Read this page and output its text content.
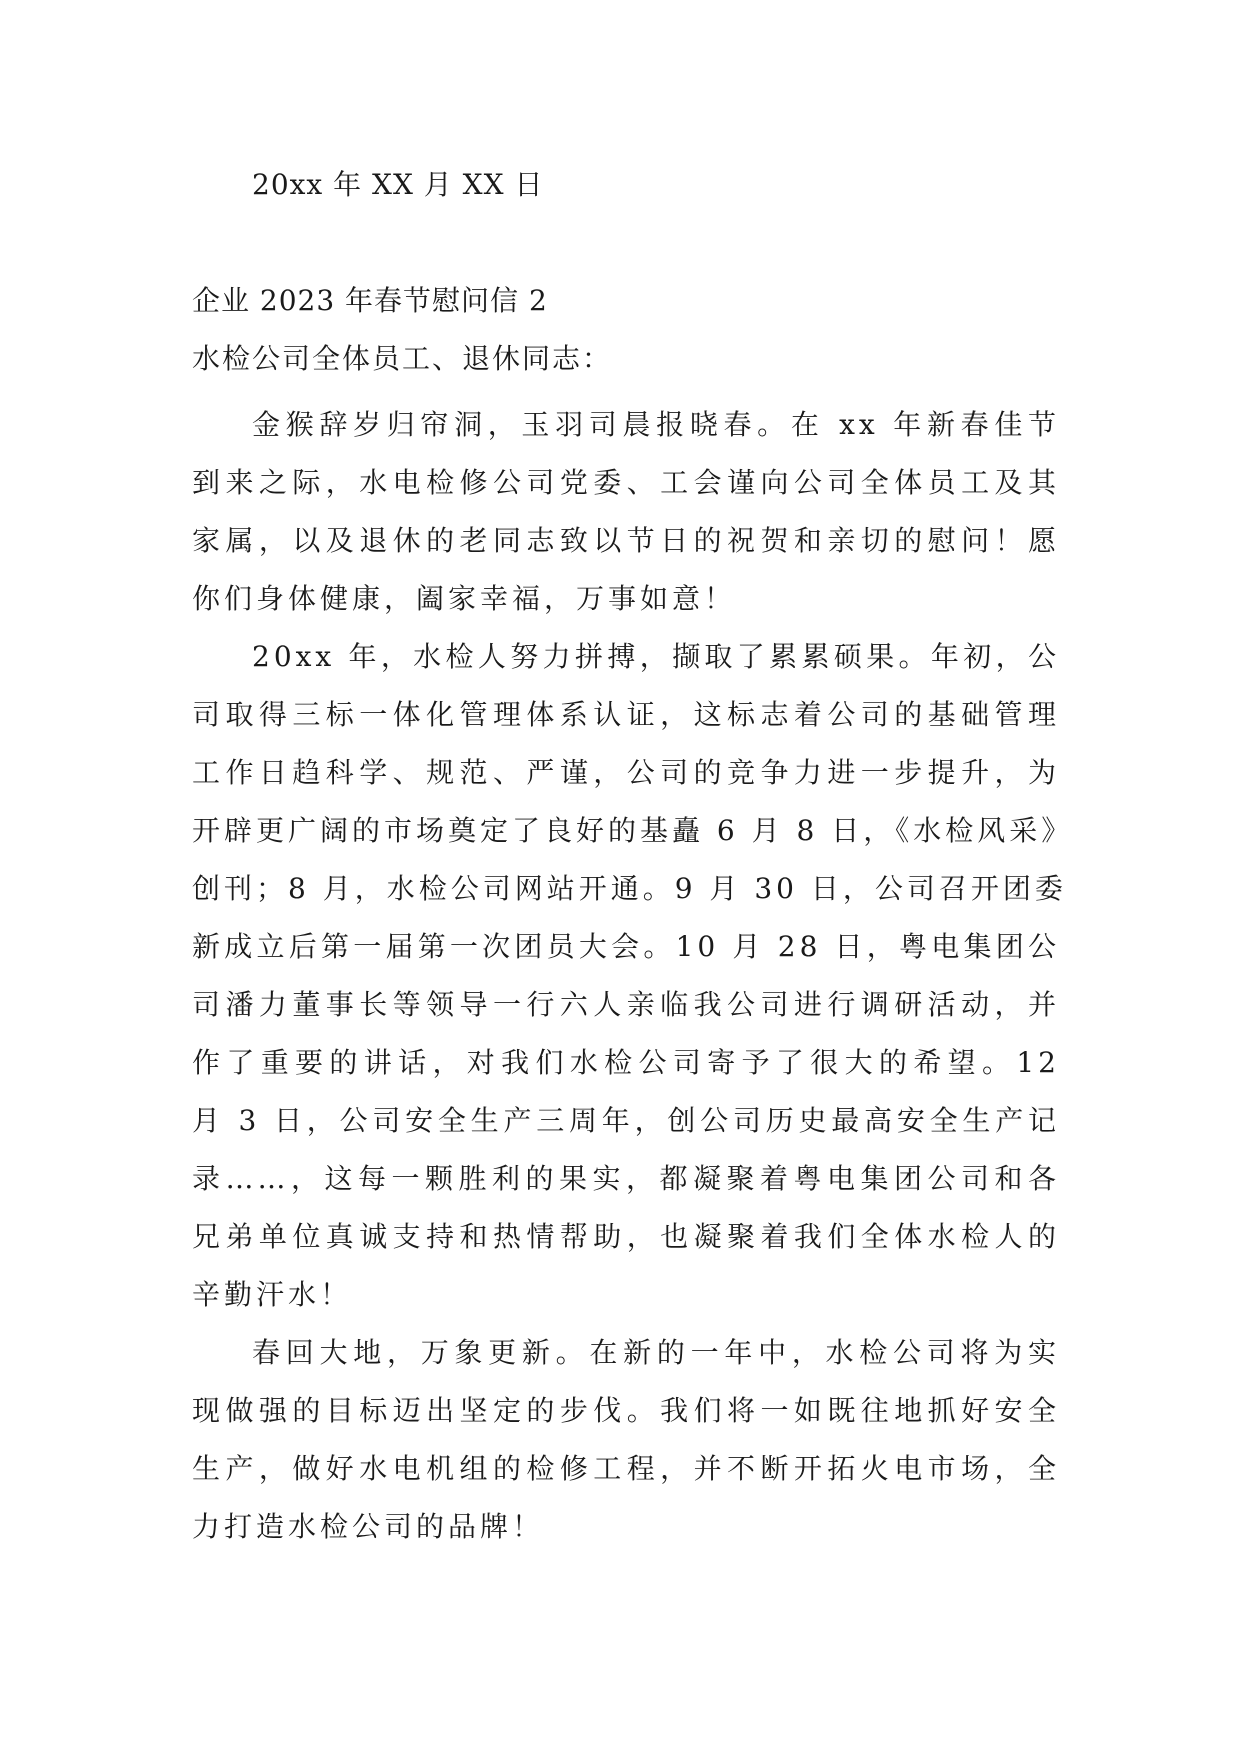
20xx 年 XX 月 XX 日
企业 2023 年春节慰问信 2
水检公司全体员工、退休同志：
金猴辞岁归帘洞，玉羽司晨报晓春。在 xx 年新春佳节
到来之际，水电检修公司党委、工会谨向公司全体员工及其
家属，以及退休的老同志致以节日的祝贺和亲切的慰问！愿
你们身体健康，阖家幸福，万事如意！
20xx 年，水检人努力拼搏，撷取了累累硕果。年初，公
司取得三标一体化管理体系认证，这标志着公司的基础管理
工作日趋科学、规范、严谨，公司的竞争力进一步提升，为
开辟更广阔的市场奠定了良好的基矗 6 月 8 日，《水检风采》
创刊；8 月，水检公司网站开通。9 月 30 日，公司召开团委
新成立后第一届第一次团员大会。10 月 28 日，粤电集团公
司潘力董事长等领导一行六人亲临我公司进行调研活动，并
作了重要的讲话，对我们水检公司寄予了很大的希望。12
月 3 日，公司安全生产三周年，创公司历史最高安全生产记
录……，这每一颗胜利的果实，都凝聚着粤电集团公司和各
兄弟单位真诚支持和热情帮助，也凝聚着我们全体水检人的
辛勤汗水！
春回大地，万象更新。在新的一年中，水检公司将为实
现做强的目标迈出坚定的步伐。我们将一如既往地抓好安全
生产，做好水电机组的检修工程，并不断开拓火电市场，全
力打造水检公司的品牌！
